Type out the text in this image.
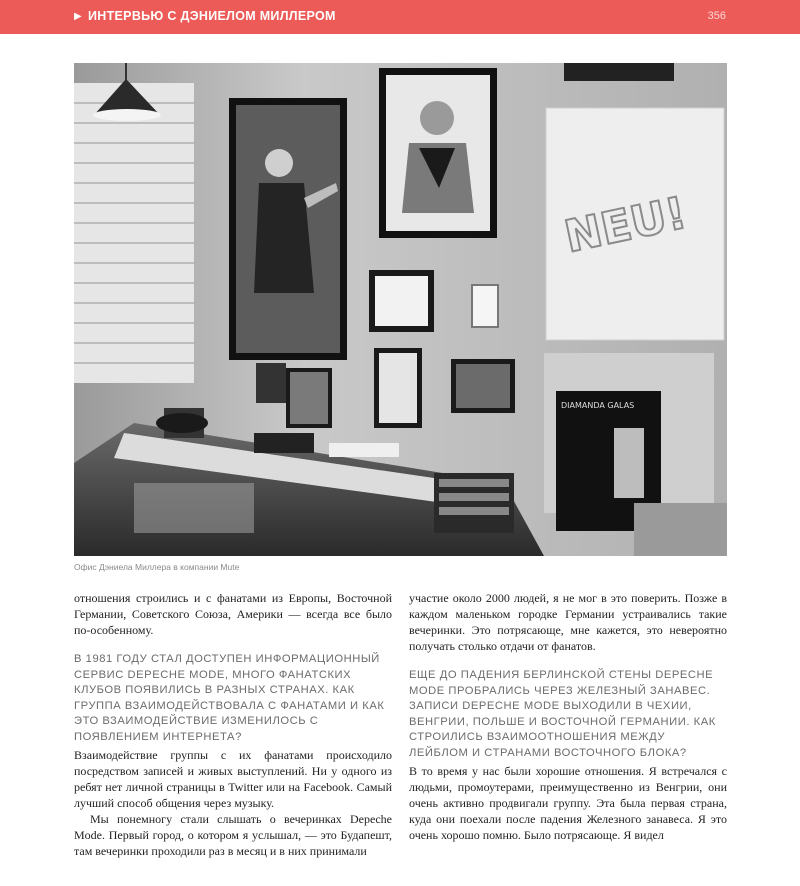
▶ ИНТЕРВЬЮ С ДЭНИЕЛОМ МИЛЛЕРОМ	356
NEU!
DIAMANDA GALAS
Офис Дэниела Миллера в компании Mute

отношения строились и с фанатами из Европы, Восточной Германии, Советского Союза, Америки — всегда все было по-особенному.

В 1981 ГОДУ СТАЛ ДОСТУПЕН ИНФОРМАЦИОННЫЙ СЕРВИС DEPECHE MODE, МНОГО ФАНАТСКИХ КЛУБОВ ПОЯВИЛИСЬ В РАЗНЫХ СТРАНАХ. КАК ГРУППА ВЗАИМОДЕЙСТВОВАЛА С ФАНАТАМИ И КАК ЭТО ВЗАИМОДЕЙСТВИЕ ИЗМЕНИЛОСЬ С ПОЯВЛЕНИЕМ ИНТЕРНЕТА?

Взаимодействие группы с их фанатами происходило посредством записей и живых выступлений. Ни у одного из ребят нет личной страницы в Twitter или на Facebook. Самый лучший способ общения через музыку.

Мы понемногу стали слышать о вечеринках Depeche Mode. Первый город, о котором я услышал, — это Будапешт, там вечеринки проходили раз в месяц и в них принимали

участие около 2000 людей, я не мог в это поверить. Позже в каждом маленьком городке Германии устраивались такие вечеринки. Это потрясающе, мне кажется, это невероятно получать столько отдачи от фанатов.

ЕЩЕ ДО ПАДЕНИЯ БЕРЛИНСКОЙ СТЕНЫ DEPECHE MODE ПРОБРАЛИСЬ ЧЕРЕЗ ЖЕЛЕЗНЫЙ ЗАНАВЕС. ЗАПИСИ DEPECHE MODE ВЫХОДИЛИ В ЧЕХИИ, ВЕНГРИИ, ПОЛЬШЕ И ВОСТОЧНОЙ ГЕРМАНИИ. КАК СТРОИЛИСЬ ВЗАИМООТНОШЕНИЯ МЕЖДУ ЛЕЙБЛОМ И СТРАНАМИ ВОСТОЧНОГО БЛОКА?

В то время у нас были хорошие отношения. Я встречался с людьми, промоутерами, преимущественно из Венгрии, они очень активно продвигали группу. Эта была первая страна, куда они поехали после падения Железного занавеса. Я это очень хорошо помню. Было потрясающе. Я видел
